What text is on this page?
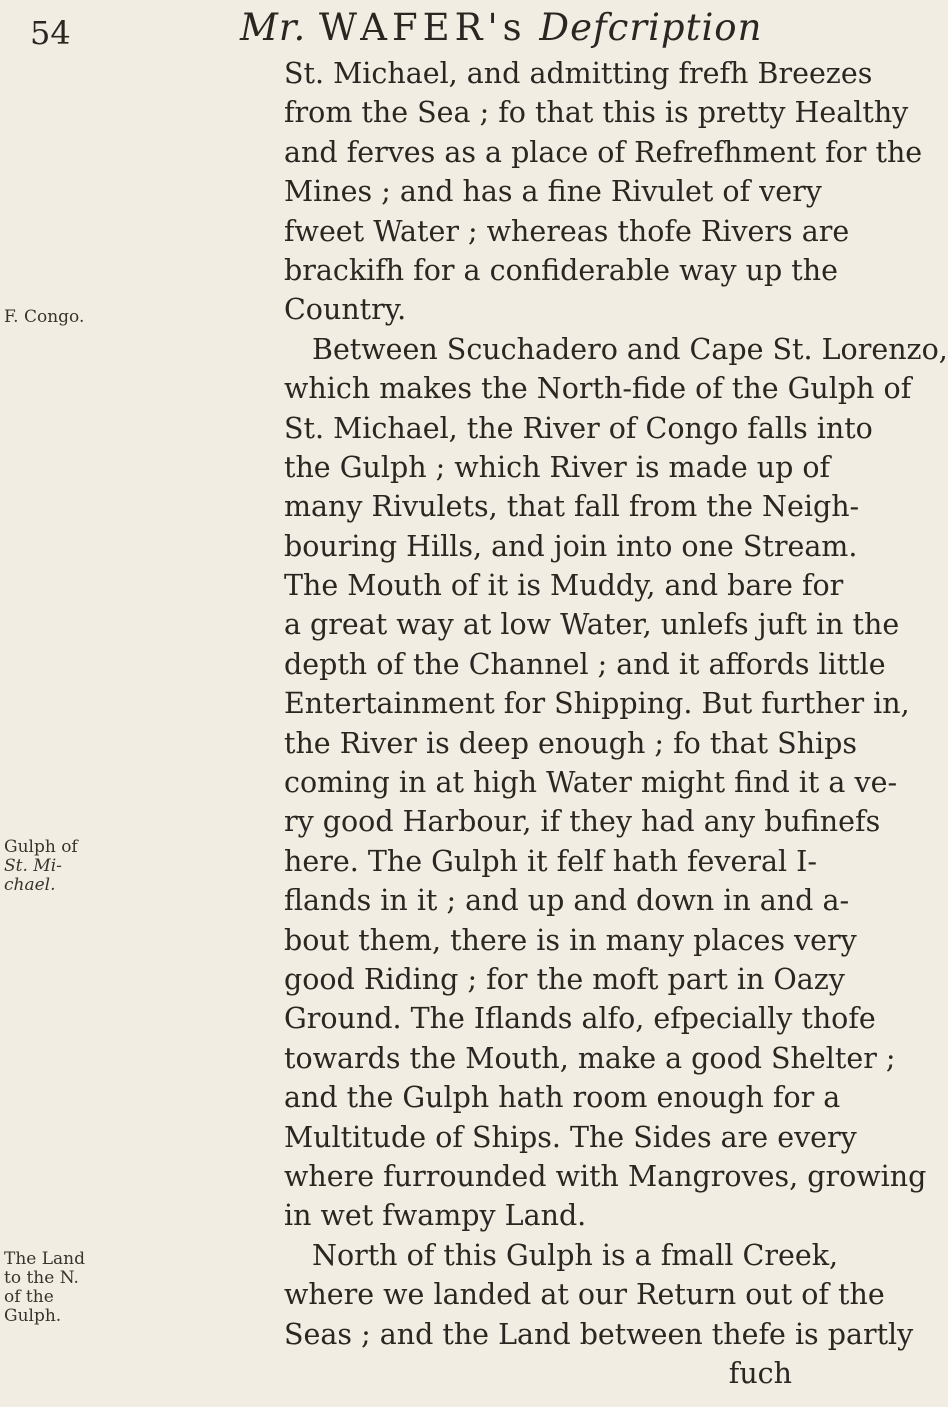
54	Mr. WAFER's Defcription
F. Congo.
Gulph of
St. Mi-
chael.
The Land
to the N.
of the
Gulph.
St. Michael, and admitting frefh Breezes
from the Sea ; fo that this is pretty Healthy
and ferves as a place of Refrefhment for the
Mines ; and has a fine Rivulet of very
fweet Water ; whereas thofe Rivers are
brackifh for a confiderable way up the
Country.
Between Scuchadero and Cape St. Lorenzo,
which makes the North-fide of the Gulph of
St. Michael, the River of Congo falls into
the Gulph ; which River is made up of
many Rivulets, that fall from the Neigh-
bouring Hills, and join into one Stream.
The Mouth of it is Muddy, and bare for
a great way at low Water, unlefs juft in the
depth of the Channel ; and it affords little
Entertainment for Shipping. But further in,
the River is deep enough ; fo that Ships
coming in at high Water might find it a ve-
ry good Harbour, if they had any bufinefs
here. The Gulph it felf hath feveral I-
flands in it ; and up and down in and a-
bout them, there is in many places very
good Riding ; for the moft part in Oazy
Ground. The Iflands alfo, efpecially thofe
towards the Mouth, make a good Shelter ;
and the Gulph hath room enough for a
Multitude of Ships. The Sides are every
where furrounded with Mangroves, growing
in wet fwampy Land.
North of this Gulph is a fmall Creek,
where we landed at our Return out of the
Seas ; and the Land between thefe is partly
fuch
